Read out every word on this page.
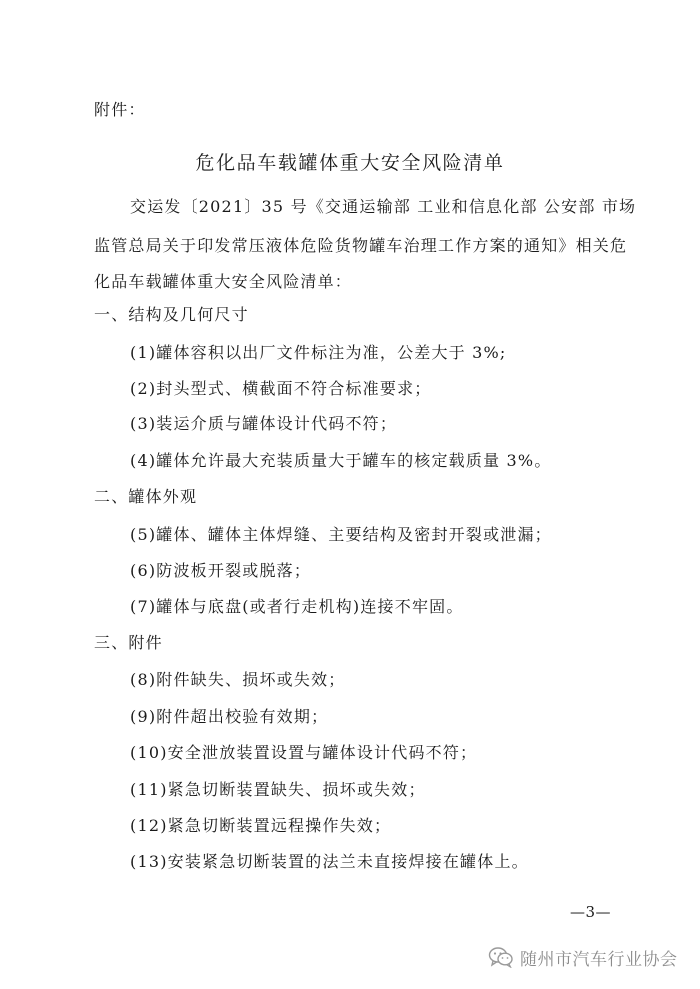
附件：
危化品车载罐体重大安全风险清单
交运发〔2021〕35 号《交通运输部 工业和信息化部 公安部 市场
监管总局关于印发常压液体危险货物罐车治理工作方案的通知》相关危
化品车载罐体重大安全风险清单：
一、结构及几何尺寸
(1)罐体容积以出厂文件标注为准，公差大于 3%;
(2)封头型式、横截面不符合标准要求；
(3)装运介质与罐体设计代码不符；
(4)罐体允许最大充装质量大于罐车的核定载质量 3%。
二、罐体外观
(5)罐体、罐体主体焊缝、主要结构及密封开裂或泄漏；
(6)防波板开裂或脱落；
(7)罐体与底盘(或者行走机构)连接不牢固。
三、附件
(8)附件缺失、损坏或失效；
(9)附件超出校验有效期；
(10)安全泄放装置设置与罐体设计代码不符；
(11)紧急切断装置缺失、损坏或失效；
(12)紧急切断装置远程操作失效；
(13)安装紧急切断装置的法兰未直接焊接在罐体上。
—3—
随州市汽车行业协会
